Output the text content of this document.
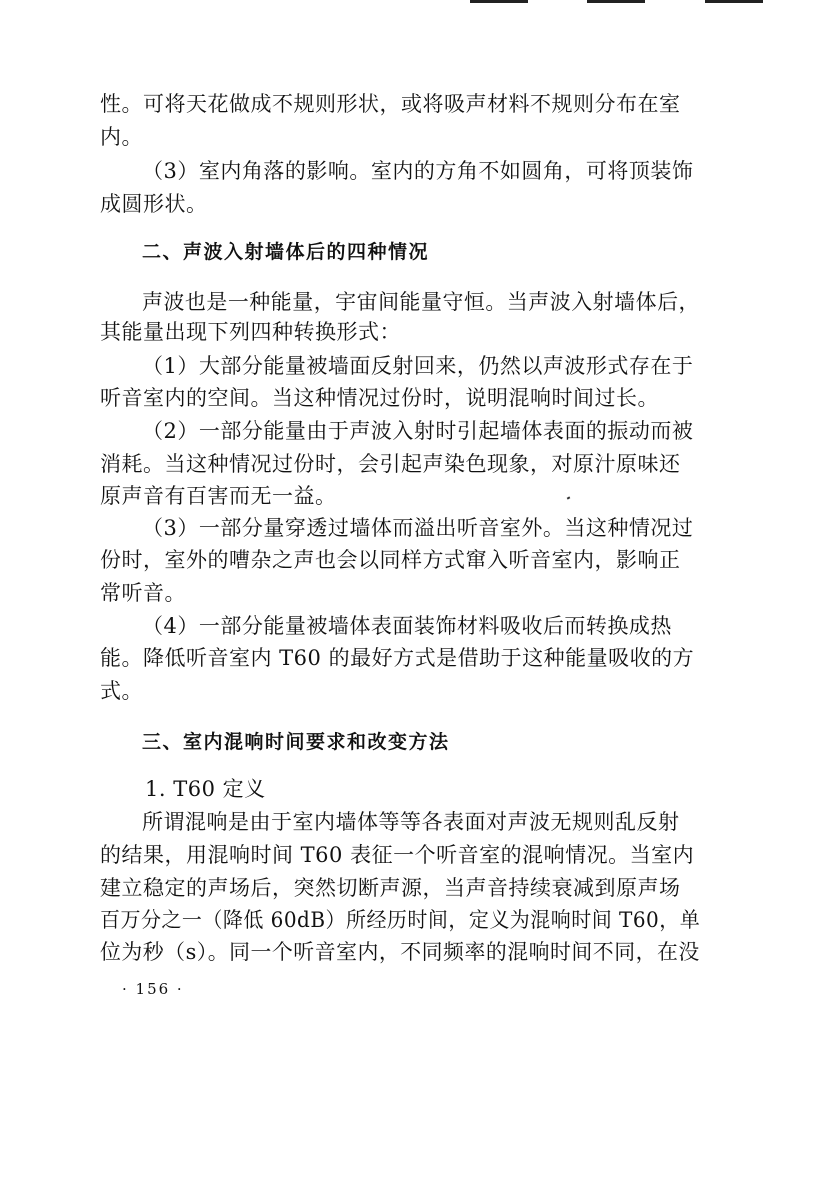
性。可将天花做成不规则形状，或将吸声材料不规则分布在室
内。
（3）室内角落的影响。室内的方角不如圆角，可将顶装饰
成圆形状。
二、声波入射墙体后的四种情况
声波也是一种能量，宇宙间能量守恒。当声波入射墙体后，
其能量出现下列四种转换形式：
（1）大部分能量被墙面反射回来，仍然以声波形式存在于
听音室内的空间。当这种情况过份时，说明混响时间过长。
（2）一部分能量由于声波入射时引起墙体表面的振动而被
消耗。当这种情况过份时，会引起声染色现象，对原汁原味还
原声音有百害而无一益。
（3）一部分量穿透过墙体而溢出听音室外。当这种情况过
份时，室外的嘈杂之声也会以同样方式窜入听音室内，影响正
常听音。
（4）一部分能量被墙体表面装饰材料吸收后而转换成热
能。降低听音室内 T60 的最好方式是借助于这种能量吸收的方
式。
三、室内混响时间要求和改变方法
1. T60 定义
所谓混响是由于室内墙体等等各表面对声波无规则乱反射
的结果，用混响时间 T60 表征一个听音室的混响情况。当室内
建立稳定的声场后，突然切断声源，当声音持续衰减到原声场
百万分之一（降低 60dB）所经历时间，定义为混响时间 T60，单
位为秒（s）。同一个听音室内，不同频率的混响时间不同，在没
· 156 ·
